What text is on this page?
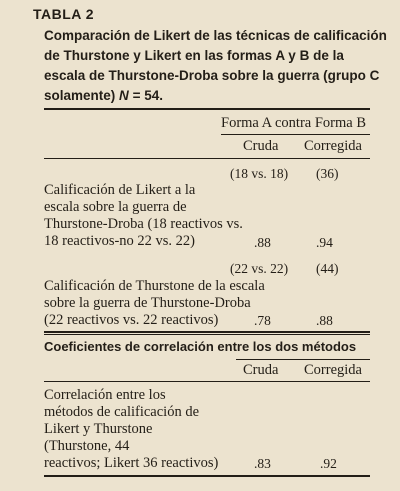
TABLA 2
Comparación de Likert de las técnicas de calificación
de Thurstone y Likert en las formas A y B de la
escala de Thurstone-Droba sobre la guerra (grupo C
solamente) N = 54.
Forma A contra Forma B
Cruda Corregida
(18 vs. 18) (36)
Calificación de Likert a la
escala sobre la guerra de
Thurstone-Droba (18 reactivos vs.
18 reactivos-no 22 vs. 22)	.88	.94
(22 vs. 22) (44)
Calificación de Thurstone de la escala
sobre la guerra de Thurstone-Droba
(22 reactivos vs. 22 reactivos)	.78	.88
Coeficientes de correlación entre los dos métodos
Cruda Corregida
Correlación entre los
métodos de calificación de
Likert y Thurstone
(Thurstone, 44
reactivos; Likert 36 reactivos)	.83	.92
